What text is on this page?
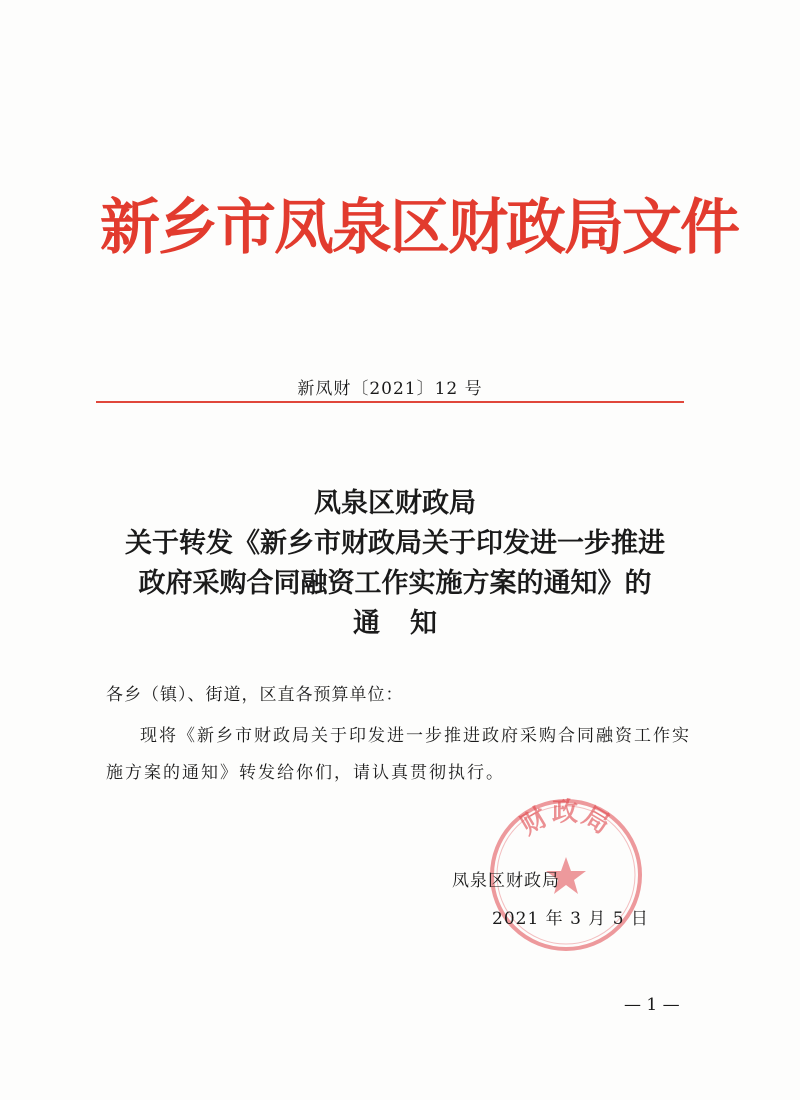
新乡市凤泉区财政局文件
新凤财〔2021〕12 号
凤泉区财政局
关于转发《新乡市财政局关于印发进一步推进
政府采购合同融资工作实施方案的通知》的
通知
各乡（镇）、街道，区直各预算单位：
现将《新乡市财政局关于印发进一步推进政府采购合同融资工作实施方案的通知》转发给你们，请认真贯彻执行。
财政局
凤泉区财政局
2021 年 3 月 5 日
— 1 —
